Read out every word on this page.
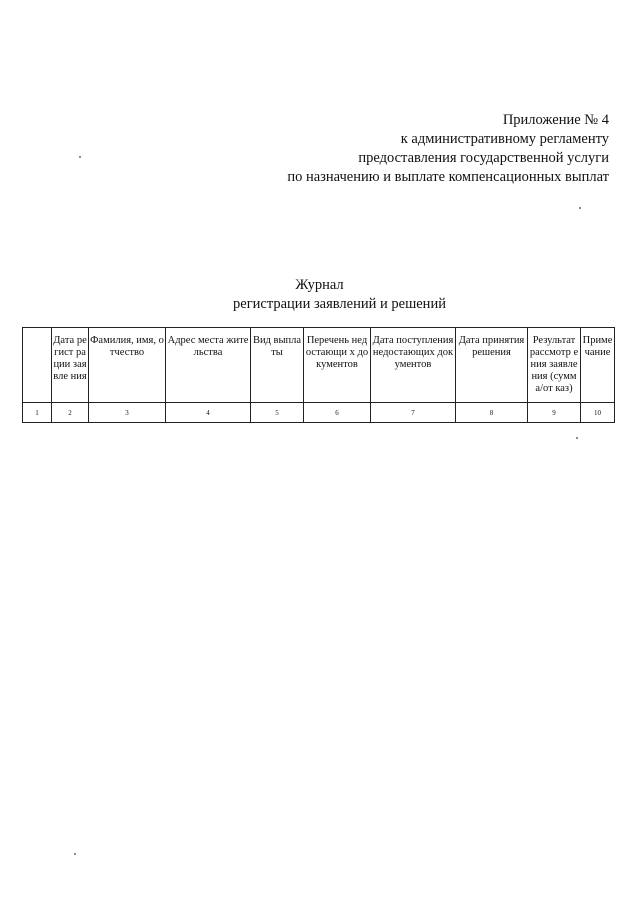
Приложение № 4
к административному регламенту
предоставления государственной услуги
по назначению и выплате компенсационных выплат
Журнал
регистрации заявлений и решений
	Дата регист рации заявле ния	Фамилия, имя, отчество	Адрес места жительства	Вид выплаты	Перечень недостающи х документов	Дата поступления недостающих документов	Дата принятия решения	Результат рассмотр ения заявления (сумма/от каз)	Приме чание
1	2	3	4	5	6	7	8	9	10
